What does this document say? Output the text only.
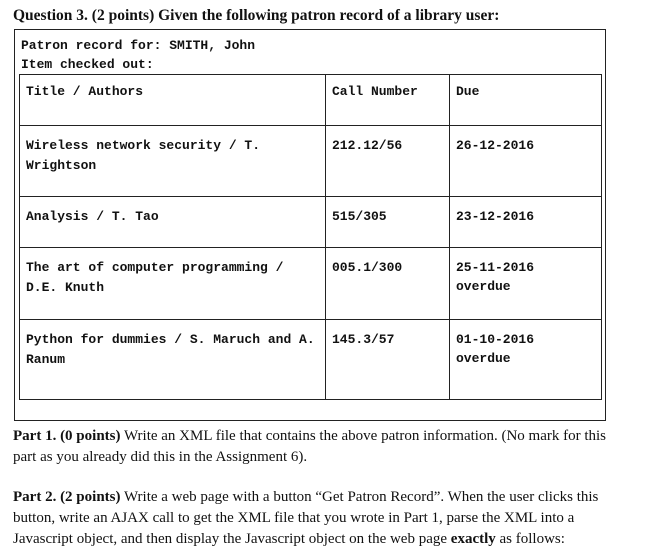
Question 3. (2 points) Given the following patron record of a library user:
Patron record for: SMITH, John
Item checked out:
Title / Authors	Call Number	Due
Wireless network security / T. Wrightson	212.12/56	26-12-2016
Analysis / T. Tao	515/305	23-12-2016
The art of computer programming / D.E. Knuth	005.1/300	25-11-2016
overdue

Python for dummies / S. Maruch and A. Ranum	145.3/57	01-10-2016
overdue
Part 1. (0 points) Write an XML file that contains the above patron information. (No mark for this part as you already did this in the Assignment 6).
Part 2. (2 points) Write a web page with a button “Get Patron Record”. When the user clicks this button, write an AJAX call to get the XML file that you wrote in Part 1, parse the XML into a Javascript object, and then display the Javascript object on the web page exactly as follows:
